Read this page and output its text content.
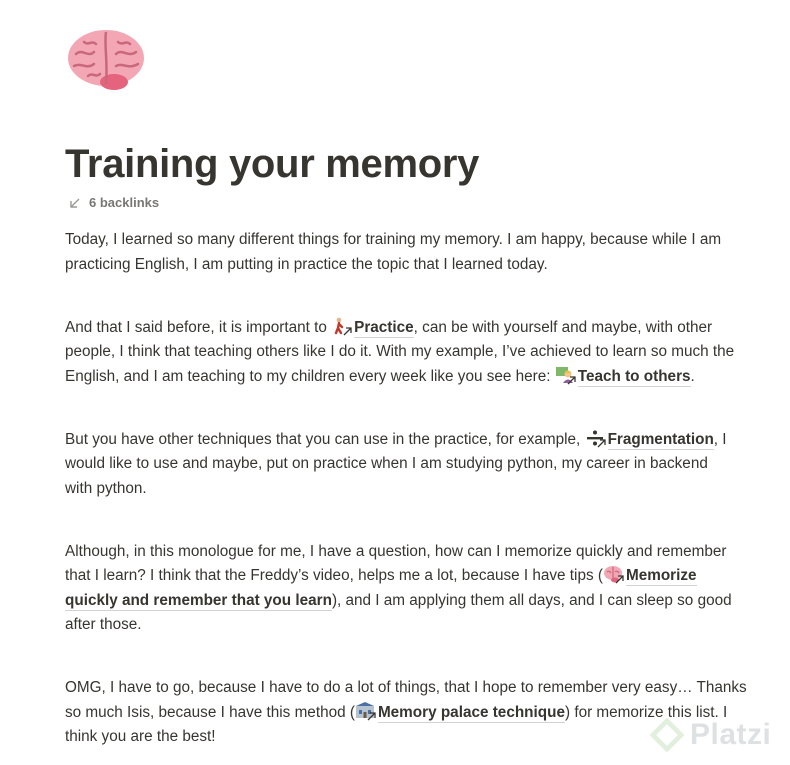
Training your memory
6 backlinks

Today, I learned so many different things for training my memory. I am happy, because while I am
practicing English, I am putting in practice the topic that I learned today.

And that I said before, it is important to
Practice, can be with yourself and maybe, with other
people, I think that teaching others like I do it. With my example, I’ve achieved to learn so much the
English, and I am teaching to my children every week like you see here:
Teach to others.

But you have other techniques that you can use in the practice, for example,
Fragmentation, I
would like to use and maybe, put on practice when I am studying python, my career in backend
with python.

Although, in this monologue for me, I have a question, how can I memorize quickly and remember
that I learn? I think that the Freddy’s video, helps me a lot, because I have tips ( Memorize
quickly and remember that you learn), and I am applying them all days, and I can sleep so good
after those.

OMG, I have to go, because I have to do a lot of things, that I hope to remember very easy… Thanks
so much Isis, because I have this method ( Memory palace technique) for memorize this list. I
think you are the best!	Platzi
